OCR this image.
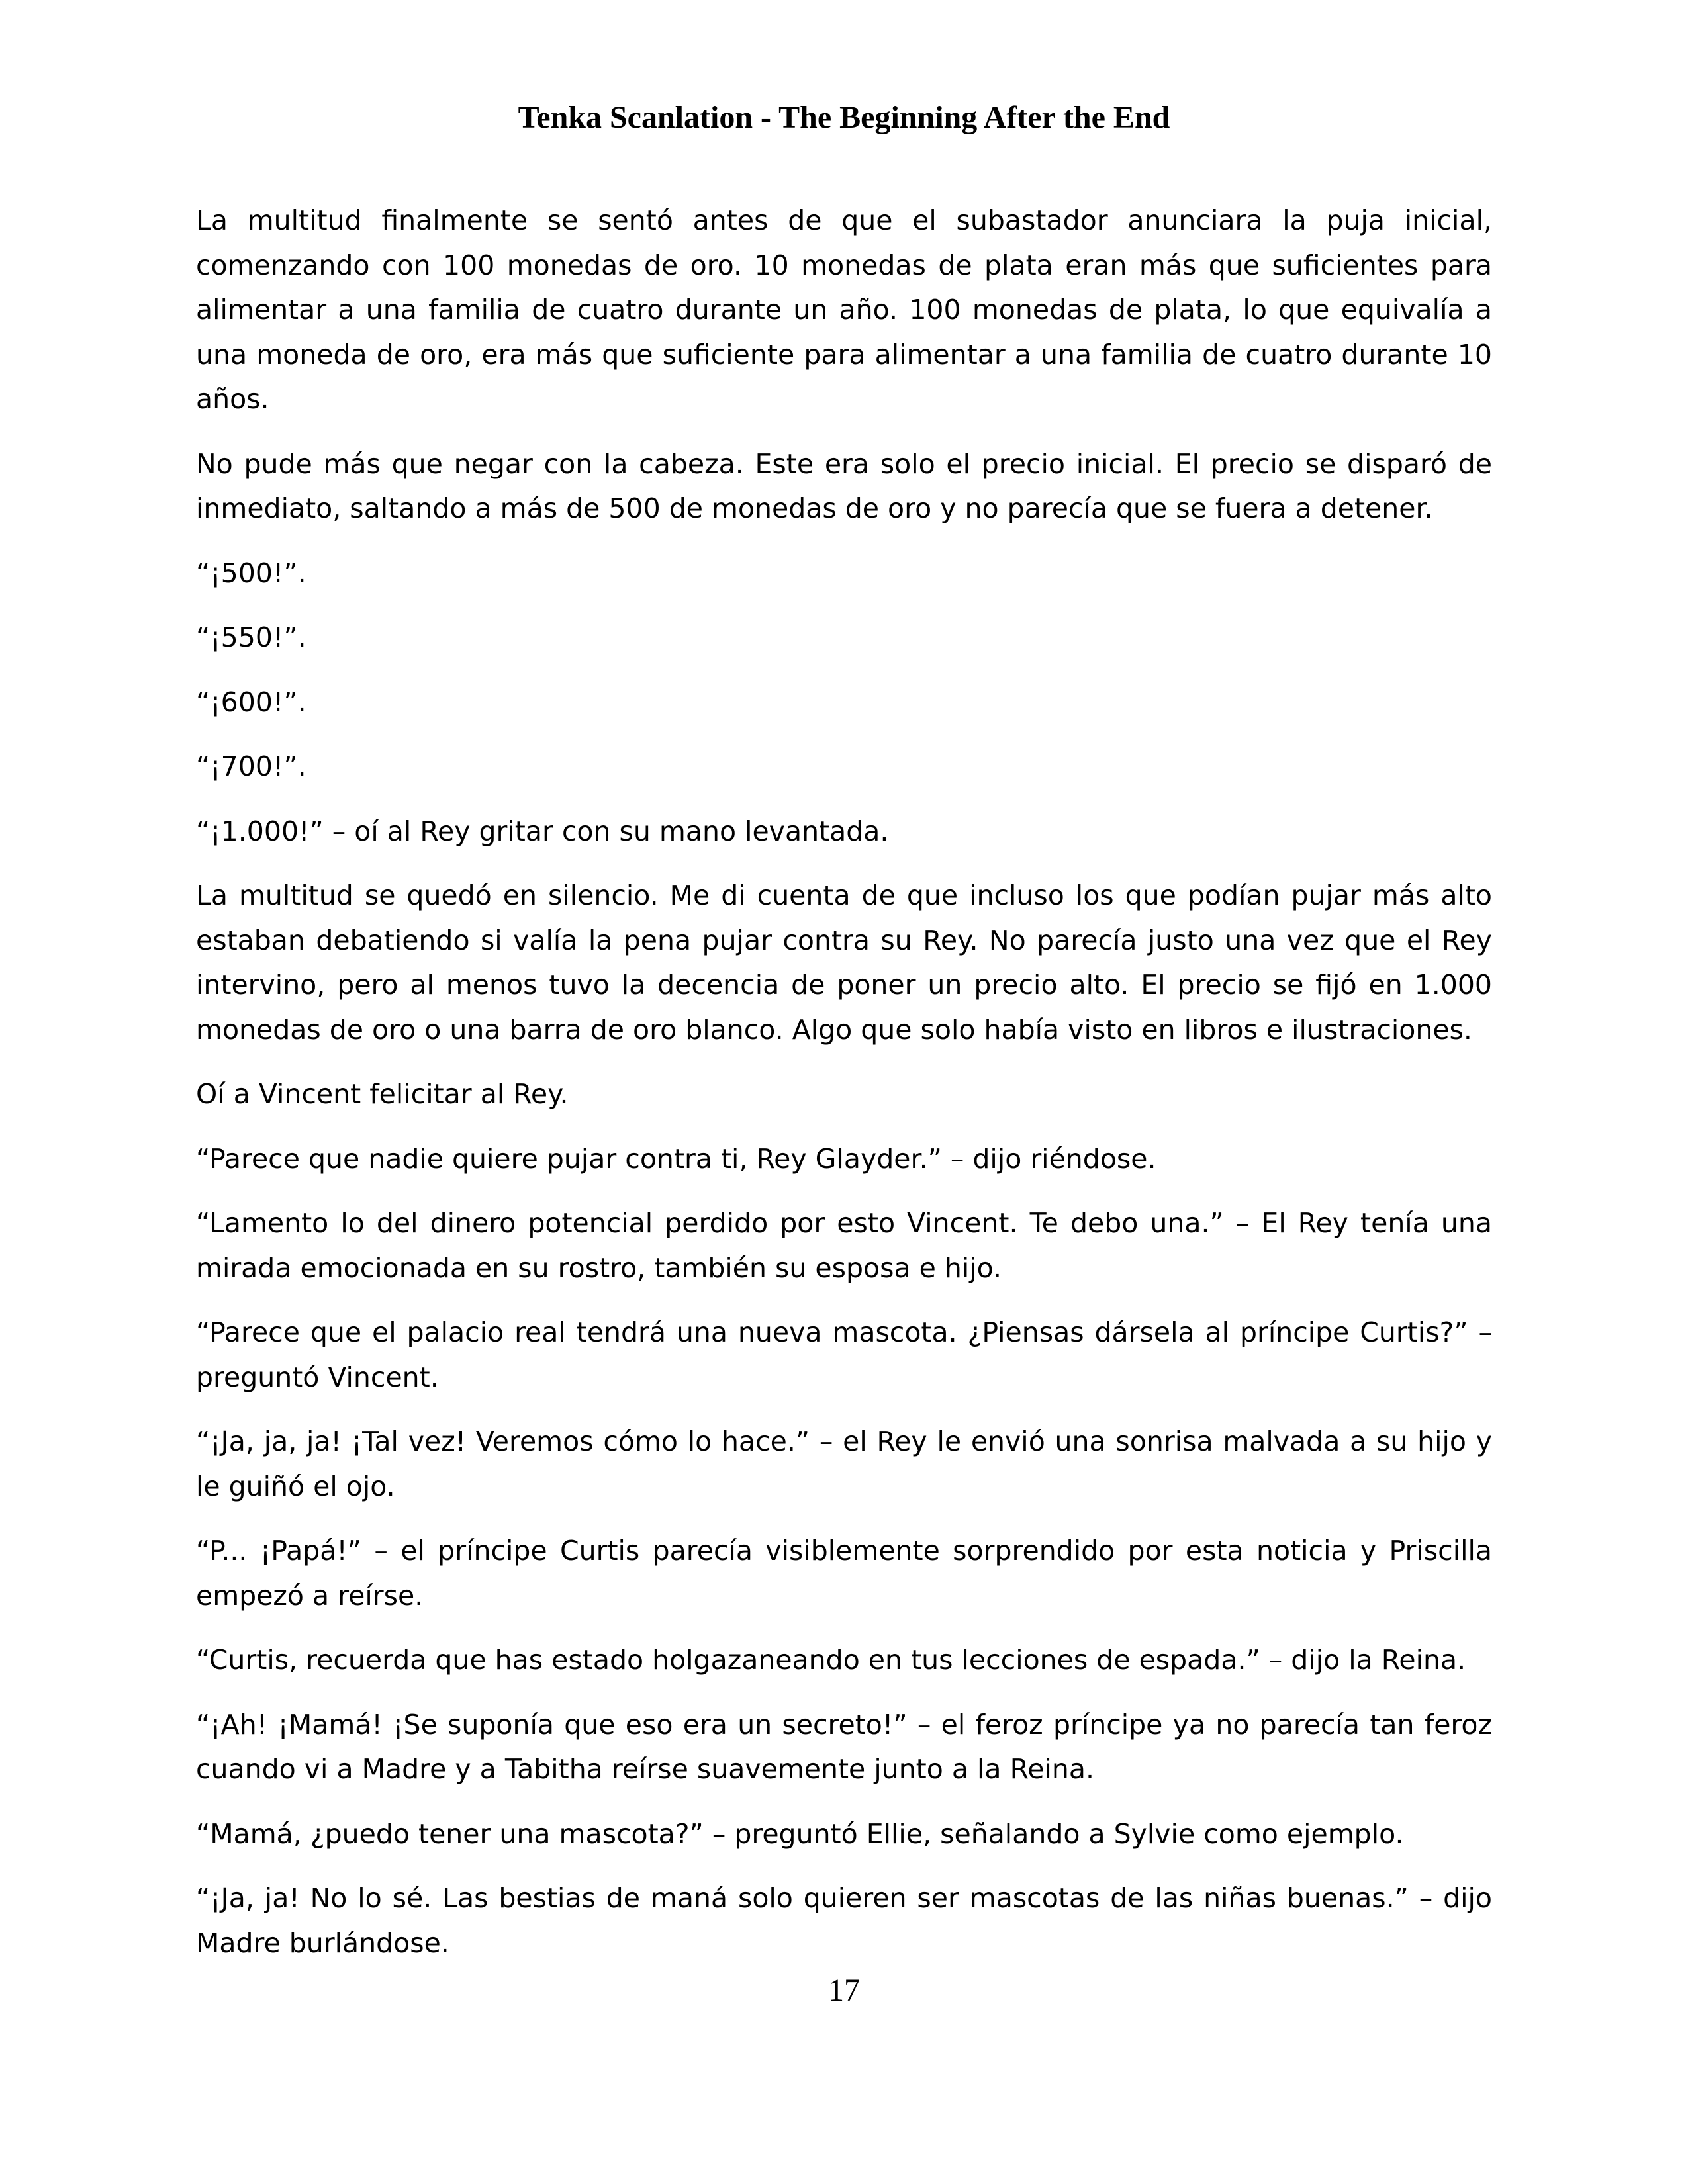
Tenka Scanlation - The Beginning After the End

La multitud finalmente se sentó antes de que el subastador anunciara la puja inicial, comenzando con 100 monedas de oro. 10 monedas de plata eran más que suficientes para alimentar a una familia de cuatro durante un año. 100 monedas de plata, lo que equivalía a una moneda de oro, era más que suficiente para alimentar a una familia de cuatro durante 10 años.

No pude más que negar con la cabeza. Este era solo el precio inicial. El precio se disparó de inmediato, saltando a más de 500 de monedas de oro y no parecía que se fuera a detener.

“¡500!”.

“¡550!”.

“¡600!”.

“¡700!”.

“¡1.000!” – oí al Rey gritar con su mano levantada.

La multitud se quedó en silencio. Me di cuenta de que incluso los que podían pujar más alto estaban debatiendo si valía la pena pujar contra su Rey. No parecía justo una vez que el Rey intervino, pero al menos tuvo la decencia de poner un precio alto. El precio se fijó en 1.000 monedas de oro o una barra de oro blanco. Algo que solo había visto en libros e ilustraciones.

Oí a Vincent felicitar al Rey.

“Parece que nadie quiere pujar contra ti, Rey Glayder.” – dijo riéndose.

“Lamento lo del dinero potencial perdido por esto Vincent. Te debo una.” – El Rey tenía una mirada emocionada en su rostro, también su esposa e hijo.

“Parece que el palacio real tendrá una nueva mascota. ¿Piensas dársela al príncipe Curtis?” – preguntó Vincent.

“¡Ja, ja, ja! ¡Tal vez! Veremos cómo lo hace.” – el Rey le envió una sonrisa malvada a su hijo y le guiñó el ojo.

“P... ¡Papá!” – el príncipe Curtis parecía visiblemente sorprendido por esta noticia y Priscilla empezó a reírse.

“Curtis, recuerda que has estado holgazaneando en tus lecciones de espada.” – dijo la Reina.

“¡Ah! ¡Mamá! ¡Se suponía que eso era un secreto!” – el feroz príncipe ya no parecía tan feroz cuando vi a Madre y a Tabitha reírse suavemente junto a la Reina.

“Mamá, ¿puedo tener una mascota?” – preguntó Ellie, señalando a Sylvie como ejemplo.

“¡Ja, ja! No lo sé. Las bestias de maná solo quieren ser mascotas de las niñas buenas.” – dijo Madre burlándose.

17
